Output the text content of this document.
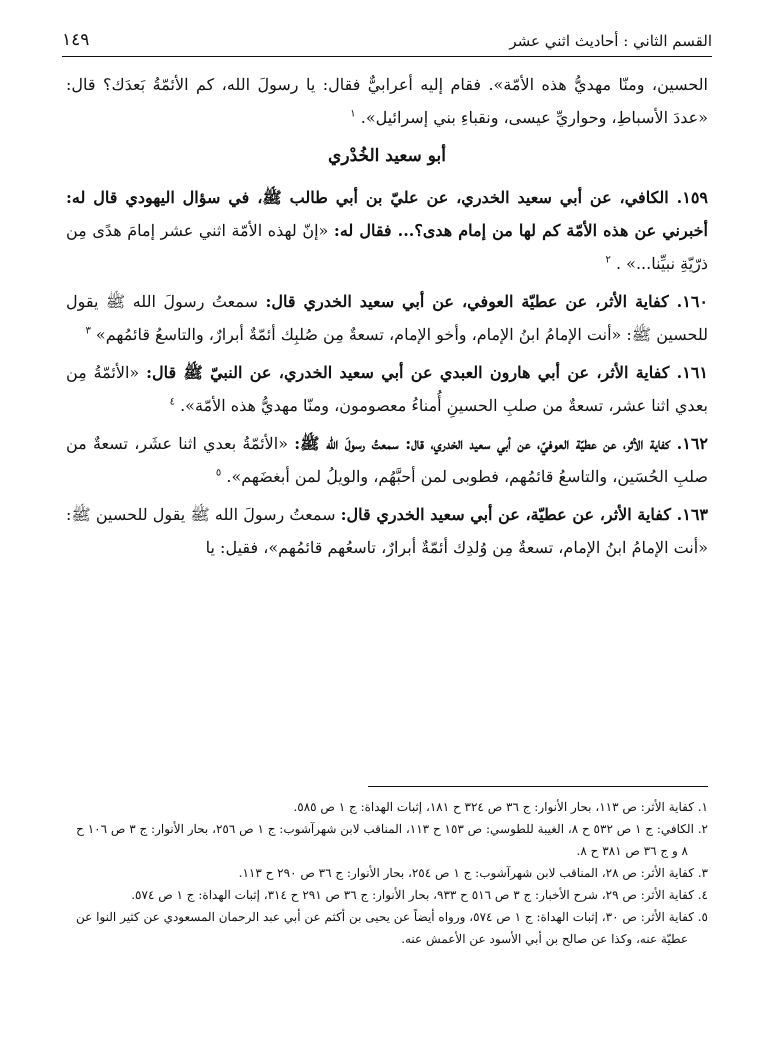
القسم الثاني : أحاديث اثني عشر
١٤٩

الحسين، ومنّا مهديُّ هذه الأمّة». فقام إليه أعرابيٌّ فقال: يا رسولَ الله، كم الأئمّةُ بَعدَك؟ قال: «عددَ الأسباطِ، وحواريِّ عيسى، ونقباءِ بني إسرائيل». $^١$

أبو سعيد الخُدْري

١٥٩. الكافي، عن أبي سعيد الخدري، عن عليّ بن أبي طالب ﷺ، في سؤال اليهودي قال له: أخبرني عن هذه الأمّة كم لها من إمام هدى؟... فقال له: «إنّ لهذه الأمّة اثني عشر إمامَ هدًى مِن ذرّيّةِ نبيِّنا...» . $^٢$

١٦٠. كفاية الأثر، عن عطيّة العوفي، عن أبي سعيد الخدري قال: سمعتُ رسولَ الله ﷺ يقول للحسين ﷺ: «أنت الإمامُ ابنُ الإمام، وأخو الإمام، تسعةٌ مِن صُلبِك أئمّةٌ أبرارٌ، والتاسعُ قائمُهم» $^٣$

١٦١. كفاية الأثر، عن أبي هارون العبدي عن أبي سعيد الخدري، عن النبيّ ﷺ قال: «الأئمّةُ مِن بعدي اثنا عشر، تسعةٌ من صلبِ الحسينِ أُمناءُ معصومون، ومنّا مهديُّ هذه الأمّة». $^٤$

١٦٢. كفاية الأثر، عن عطيّة العوفيّ، عن أبي سعيد الخدري، قال: سمعتُ رسولَ الله ﷺ: «الأئمّةُ بعدي اثنا عشَر، تسعةٌ من صلبِ الحُسَين، والتاسعُ قائمُهم، فطوبى لمن أحبَّهُم، والويلُ لمن أبغضَهم». $^٥$

١٦٣. كفاية الأثر، عن عطيّة، عن أبي سعيد الخدري قال: سمعتُ رسولَ الله ﷺ يقول للحسين ﷺ: «أنت الإمامُ ابنُ الإمام، تسعةٌ مِن وُلدِك أئمّةٌ أبرارٌ، تاسعُهم قائمُهم»، فقيل: يا

١. كفاية الأثر: ص ١١٣، بحار الأنوار: ج ٣٦ ص ٣٢٤ ح ١٨١، إثبات الهداة: ج ١ ص ٥٨٥.

٢. الكافي: ج ١ ص ٥٣٢ ح ٨، الغيبة للطوسي: ص ١٥٣ ح ١١٣، المناقب لابن شهرآشوب: ج ١ ص ٢٥٦، بحار الأنوار: ج ٣ ص ١٠٦ ح ٨ و ج ٣٦ ص ٣٨١ ح ٨.

٣. كفاية الأثر: ص ٢٨، المناقب لابن شهرآشوب: ج ١ ص ٢٥٤، بحار الأنوار: ج ٣٦ ص ٢٩٠ ح ١١٣.

٤. كفاية الأثر: ص ٢٩، شرح الأخبار: ج ٣ ص ٥١٦ ح ٩٣٣، بحار الأنوار: ج ٣٦ ص ٢٩١ ح ٣١٤، إثبات الهداة: ج ١ ص ٥٧٤.

٥. كفاية الأثر: ص ٣٠، إثبات الهداة: ج ١ ص ٥٧٤، ورواه أيضاً عن يحيى بن أكثم عن أبي عبد الرحمان المسعودي عن كثير النوا عن عطيّة عنه، وكذا عن صالح بن أبي الأسود عن الأعمش عنه.
